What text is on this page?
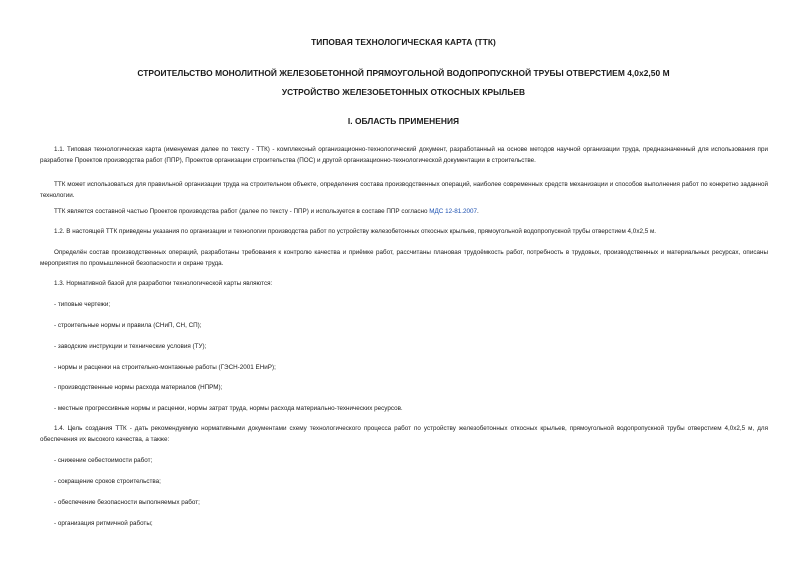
ТИПОВАЯ ТЕХНОЛОГИЧЕСКАЯ КАРТА (ТТК)
СТРОИТЕЛЬСТВО МОНОЛИТНОЙ ЖЕЛЕЗОБЕТОННОЙ ПРЯМОУГОЛЬНОЙ ВОДОПРОПУСКНОЙ ТРУБЫ ОТВЕРСТИЕМ 4,0х2,50 М
УСТРОЙСТВО ЖЕЛЕЗОБЕТОННЫХ ОТКОСНЫХ КРЫЛЬЕВ
I. ОБЛАСТЬ ПРИМЕНЕНИЯ
1.1. Типовая технологическая карта (именуемая далее по тексту - ТТК) - комплексный организационно-технологический документ, разработанный на основе методов научной организации труда, предназначенный для использования при разработке Проектов производства работ (ППР), Проектов организации строительства (ПОС) и другой организационно-технологической документации в строительстве.
ТТК может использоваться для правильной организации труда на строительном объекте, определения состава производственных операций, наиболее современных средств механизации и способов выполнения работ по конкретно заданной технологии.
ТТК является составной частью Проектов производства работ (далее по тексту - ППР) и используется в составе ППР согласно МДС 12-81.2007.
1.2. В настоящей ТТК приведены указания по организации и технологии производства работ по устройству железобетонных откосных крыльев, прямоугольной водопропускной трубы отверстием 4,0х2,5 м.
Определён состав производственных операций, разработаны требования к контролю качества и приёмке работ, рассчитаны плановая трудоёмкость работ, потребность в трудовых, производственных и материальных ресурсах, описаны мероприятия по промышленной безопасности и охране труда.
1.3. Нормативной базой для разработки технологической карты являются:
- типовые чертежи;
- строительные нормы и правила (СНиП, СН, СП);
- заводские инструкции и технические условия (ТУ);
- нормы и расценки на строительно-монтажные работы (ГЭСН-2001 ЕНиР);
- производственные нормы расхода материалов (НПРМ);
- местные прогрессивные нормы и расценки, нормы затрат труда, нормы расхода материально-технических ресурсов.
1.4. Цель создания ТТК - дать рекомендуемую нормативными документами схему технологического процесса работ по устройству железобетонных откосных крыльев, прямоугольной водопропускной трубы отверстием 4,0х2,5 м, для обеспечения их высокого качества, а также:
- снижение себестоимости работ;
- сокращение сроков строительства;
- обеспечение безопасности выполняемых работ;
- организация ритмичной работы;
